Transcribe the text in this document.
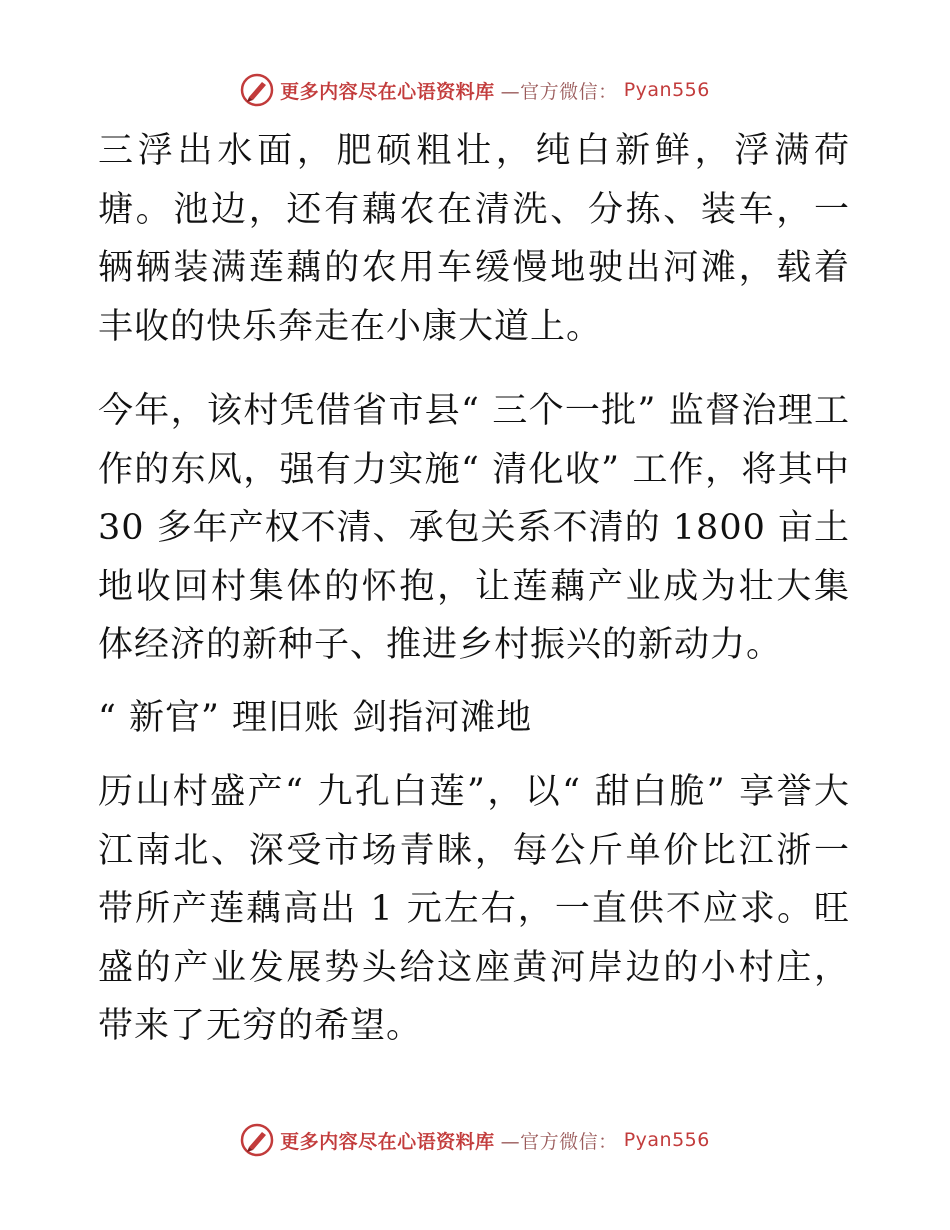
更多内容尽在心语资料库 —官方微信： Pyan556

三浮出水面，肥硕粗壮，纯白新鲜，浮满荷塘。池边，还有藕农在清洗、分拣、装车，一辆辆装满莲藕的农用车缓慢地驶出河滩，载着丰收的快乐奔走在小康大道上。

今年，该村凭借省市县“ 三个一批” 监督治理工作的东风，强有力实施“ 清化收” 工作，将其中 30 多年产权不清、承包关系不清的 1800 亩土地收回村集体的怀抱，让莲藕产业成为壮大集体经济的新种子、推进乡村振兴的新动力。

“ 新官” 理旧账 剑指河滩地

历山村盛产“ 九孔白莲”，以“ 甜白脆” 享誉大江南北、深受市场青睐，每公斤单价比江浙一带所产莲藕高出 1 元左右，一直供不应求。旺盛的产业发展势头给这座黄河岸边的小村庄，带来了无穷的希望。

更多内容尽在心语资料库 —官方微信： Pyan556
